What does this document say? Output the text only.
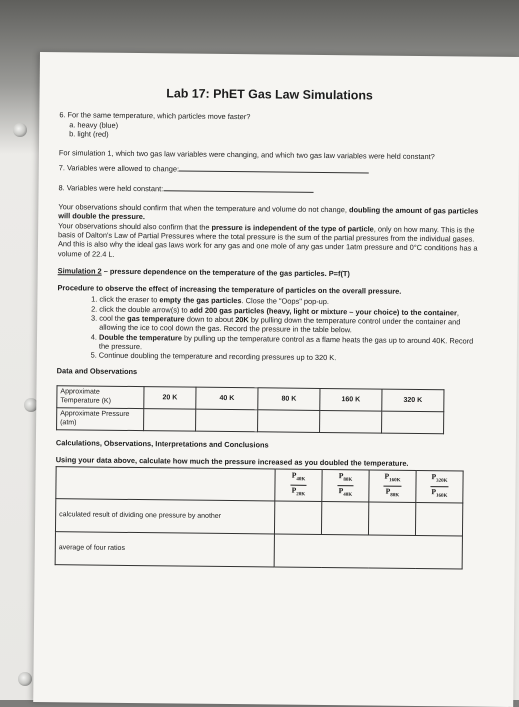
Lab 17: PhET Gas Law Simulations

6. For the same temperature, which particles move faster?

a. heavy (blue)

b. light (red)

For simulation 1, which two gas law variables were changing, and which two gas law variables were held constant?

7. Variables were allowed to change:

8. Variables were held constant:

Your observations should confirm that when the temperature and volume do not change, doubling the amount of gas particles will double the pressure.

Your observations should also confirm that the pressure is independent of the type of particle, only on how many. This is the basis of Dalton's Law of Partial Pressures where the total pressure is the sum of the partial pressures from the individual gases. And this is also why the ideal gas laws work for any gas and one mole of any gas under 1atm pressure and 0°C conditions has a volume of 22.4 L.

Simulation 2 – pressure dependence on the temperature of the gas particles. P=f(T)

Procedure to observe the effect of increasing the temperature of particles on the overall pressure.

1. click the eraser to empty the gas particles. Close the "Oops" pop-up.
2. click the double arrow(s) to add 200 gas particles (heavy, light or mixture – your choice) to the container,
3. cool the gas temperature down to about 20K by pulling down the temperature control under the container and allowing the ice to cool down the gas. Record the pressure in the table below.
4. Double the temperature by pulling up the temperature control as a flame heats the gas up to around 40K. Record the pressure.
5. Continue doubling the temperature and recording pressures up to 320 K.

Data and Observations

Approximate Temperature (K)	20 K	40 K	80 K	160 K	320 K
Approximate Pressure (atm)					

Calculations, Observations, Interpretations and Conclusions

Using your data above, calculate how much the pressure increased as you doubled the temperature.

	$\frac{P_{40K}}{P_{20K}}$	$\frac{P_{80K}}{P_{40K}}$	$\frac{P_{160K}}{P_{80K}}$	$\frac{P_{320K}}{P_{160K}}$

calculated result of dividing one pressure by another				
average of four ratios				
